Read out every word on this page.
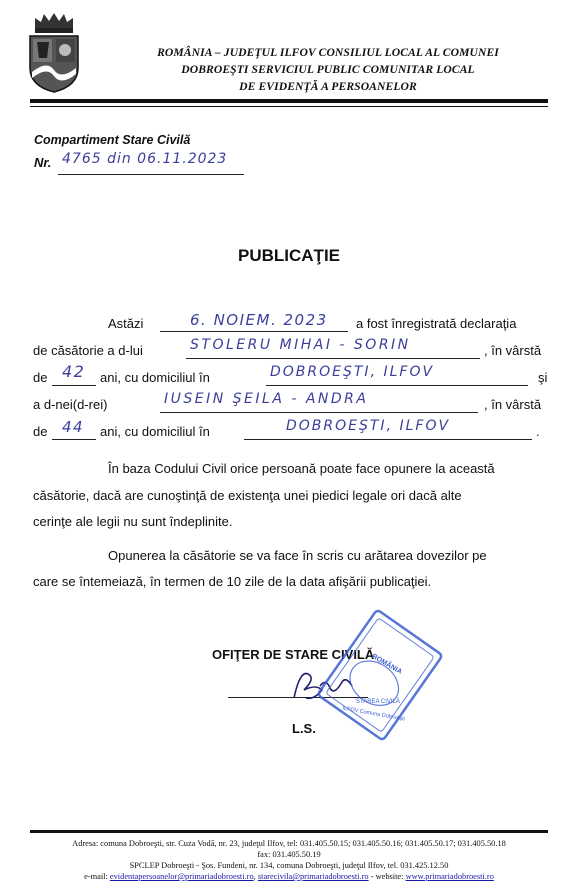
ROMÂNIA – JUDEŢUL ILFOV CONSILIUL LOCAL AL COMUNEI
DOBROEŞTI SERVICIUL PUBLIC COMUNITAR LOCAL
DE EVIDENŢĂ A PERSOANELOR
Compartiment Stare Civilă
Nr. 4765 din 06.11.2023
PUBLICAŢIE
Astăzi	6. NOIEM. 2023 a fost înregistrată declaraţia
de căsătorie a d-lui	STOLERU MIHAI - SORIN	, în vârstă
de 42 ani, cu domiciliul în	DOBROEŞTI, ILFOV	şi
a d-nei(d-rei)	IUSEIN ŞEILA - ANDRA	, în vârstă
de 44 ani, cu domiciliul în	DOBROEŞTI, ILFOV	.
În baza Codului Civil orice persoană poate face opunere la această
căsătorie, dacă are cunoştinţă de existenţa unei piedici legale ori dacă alte
cerinţe ale legii nu sunt îndeplinite.
Opunerea la căsătorie se va face în scris cu arătarea dovezilor pe
care se întemeiază, în termen de 10 zile de la data afişării publicaţiei.
OFIŢER DE STARE CIVILĂ
L.S.
ROMÂNIA
STAREA CIVILĂ
ILFOV Comuna Dobroeşti
Adresa: comuna Dobroeşti, str. Cuza Vodă, nr. 23, judeţul Ilfov, tel: 031.405.50.15; 031.405.50.16; 031.405.50.17; 031.405.50.18
fax: 031.405.50.19
SPCLEP Dobroeşti - Şos. Fundeni, nr. 134, comuna Dobroeşti, judeţul Ilfov, tel. 031.425.12.50
e-mail: evidentapersoanelor@primariadobroesti.ro, starecivila@primariadobroesti.ro - website: www.primariadobroesti.ro
